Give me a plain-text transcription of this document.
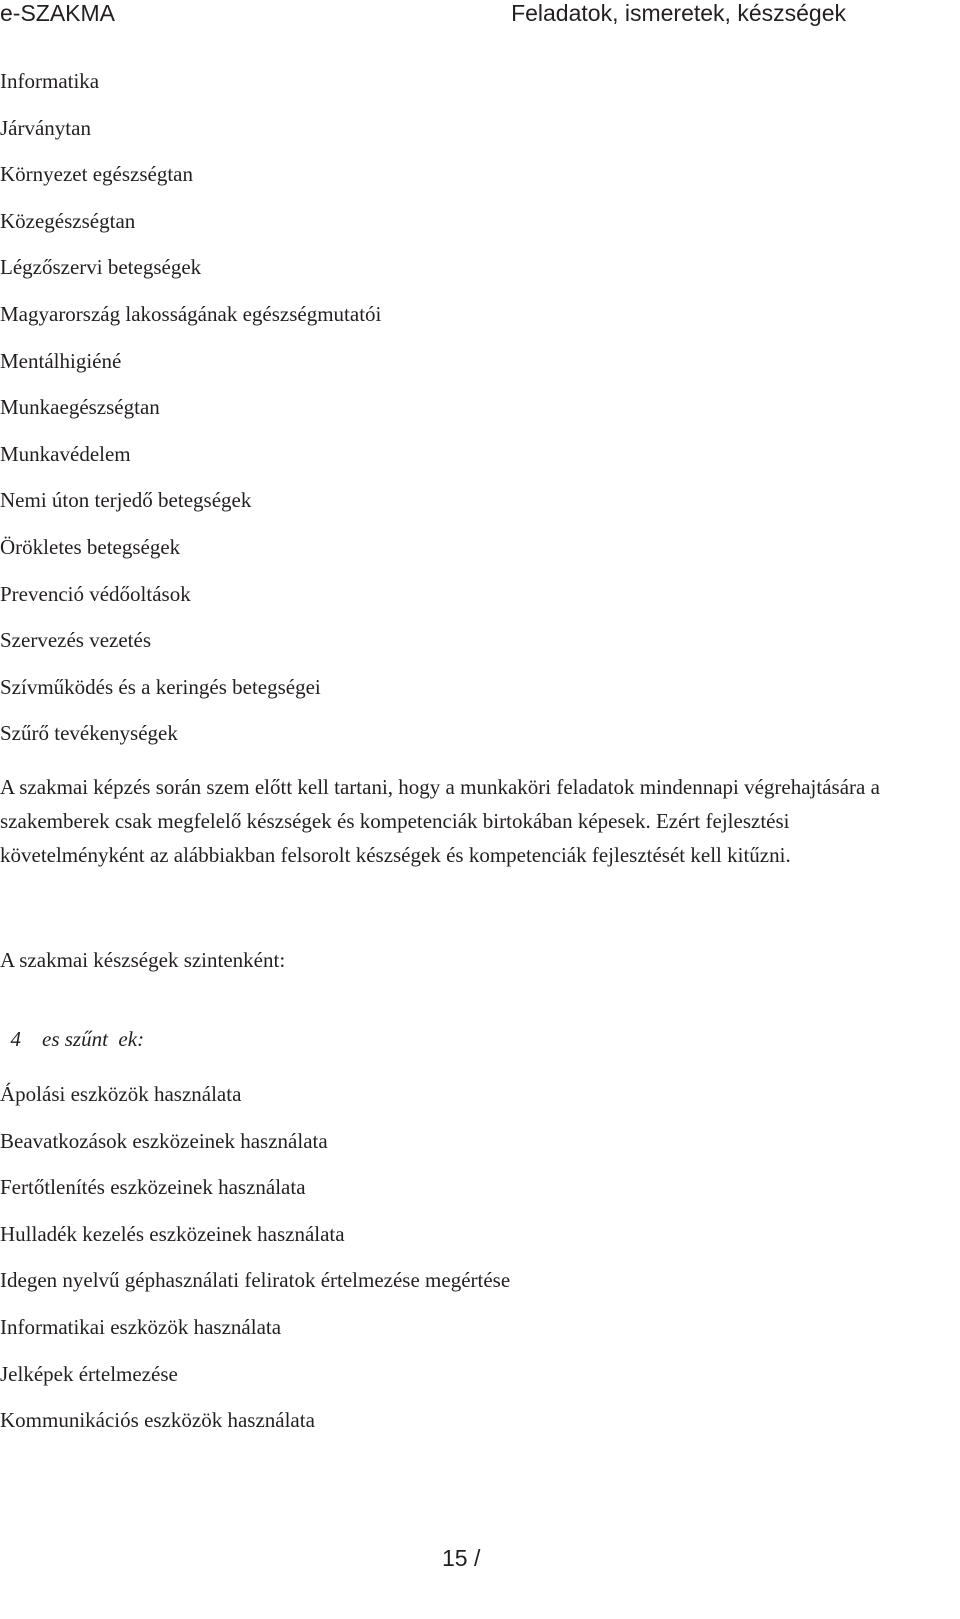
e-SZAKMA	Feladatok, ismeretek, készségek
Informatika
Járványtan
Környezet egészségtan
Közegészségtan
Légzőszervi betegségek
Magyarország lakosságának egészségmutatói
Mentálhigiéné
Munkaegészségtan
Munkavédelem
Nemi úton terjedő betegségek
Örökletes betegségek
Prevenció védőoltások
Szervezés vezetés
Szívműködés és a keringés betegségei
Szűrő tevékenységek

A szakmai képzés során szem előtt kell tartani, hogy a munkaköri feladatok mindennapi végrehajtására a szakemberek csak megfelelő készségek és kompetenciák birtokában képesek. Ezért fejlesztési követelményként az alábbiakban felsorolt készségek és kompetenciák fejlesztését kell kitűzni.

A szakmai készségek szintenként:

4    es szűnt  ek:
Ápolási eszközök használata
Beavatkozások eszközeinek használata
Fertőtlenítés eszközeinek használata
Hulladék kezelés eszközeinek használata
Idegen nyelvű géphasználati feliratok értelmezése megértése
Informatikai eszközök használata
Jelképek értelmezése
Kommunikációs eszközök használata
15 /
